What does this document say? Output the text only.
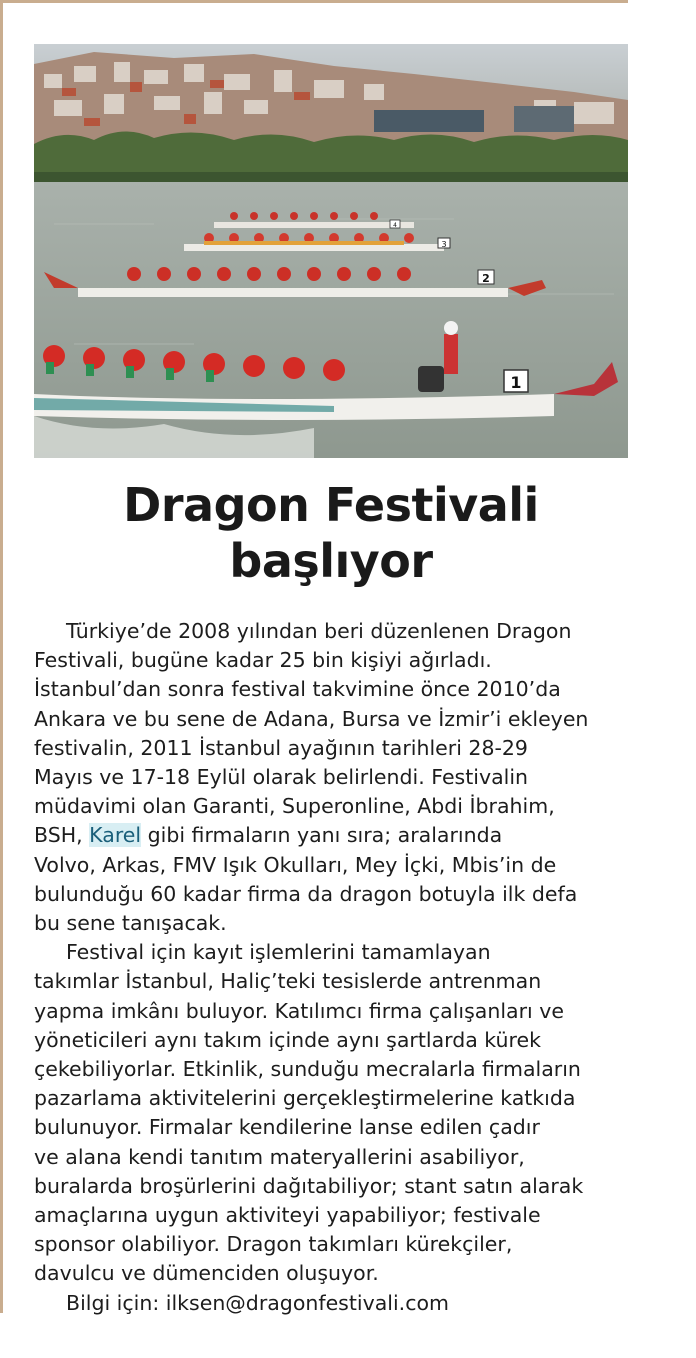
3
2
1
4
Dragon Festivali
başlıyor
Türkiye’de 2008 yılından beri düzenlenen Dragon
Festivali, bugüne kadar 25 bin kişiyi ağırladı.
İstanbul’dan sonra festival takvimine önce 2010’da
Ankara ve bu sene de Adana, Bursa ve İzmir’i ekleyen
festivalin, 2011 İstanbul ayağının tarihleri 28-29
Mayıs ve 17-18 Eylül olarak belirlendi. Festivalin
müdavimi olan Garanti, Superonline, Abdi İbrahim,
BSH, Karel gibi firmaların yanı sıra; aralarında
Volvo, Arkas, FMV Işık Okulları, Mey İçki, Mbis’in de
bulunduğu 60 kadar firma da dragon botuyla ilk defa
bu sene tanışacak.
Festival için kayıt işlemlerini tamamlayan
takımlar İstanbul, Haliç’teki tesislerde antrenman
yapma imkânı buluyor. Katılımcı firma çalışanları ve
yöneticileri aynı takım içinde aynı şartlarda kürek
çekebiliyorlar. Etkinlik, sunduğu mecralarla firmaların
pazarlama aktivitelerini gerçekleştirmelerine katkıda
bulunuyor. Firmalar kendilerine lanse edilen çadır
ve alana kendi tanıtım materyallerini asabiliyor,
buralarda broşürlerini dağıtabiliyor; stant satın alarak
amaçlarına uygun aktiviteyi yapabiliyor; festivale
sponsor olabiliyor. Dragon takımları kürekçiler,
davulcu ve dümenciden oluşuyor.
Bilgi için: ilksen@dragonfestivali.com
